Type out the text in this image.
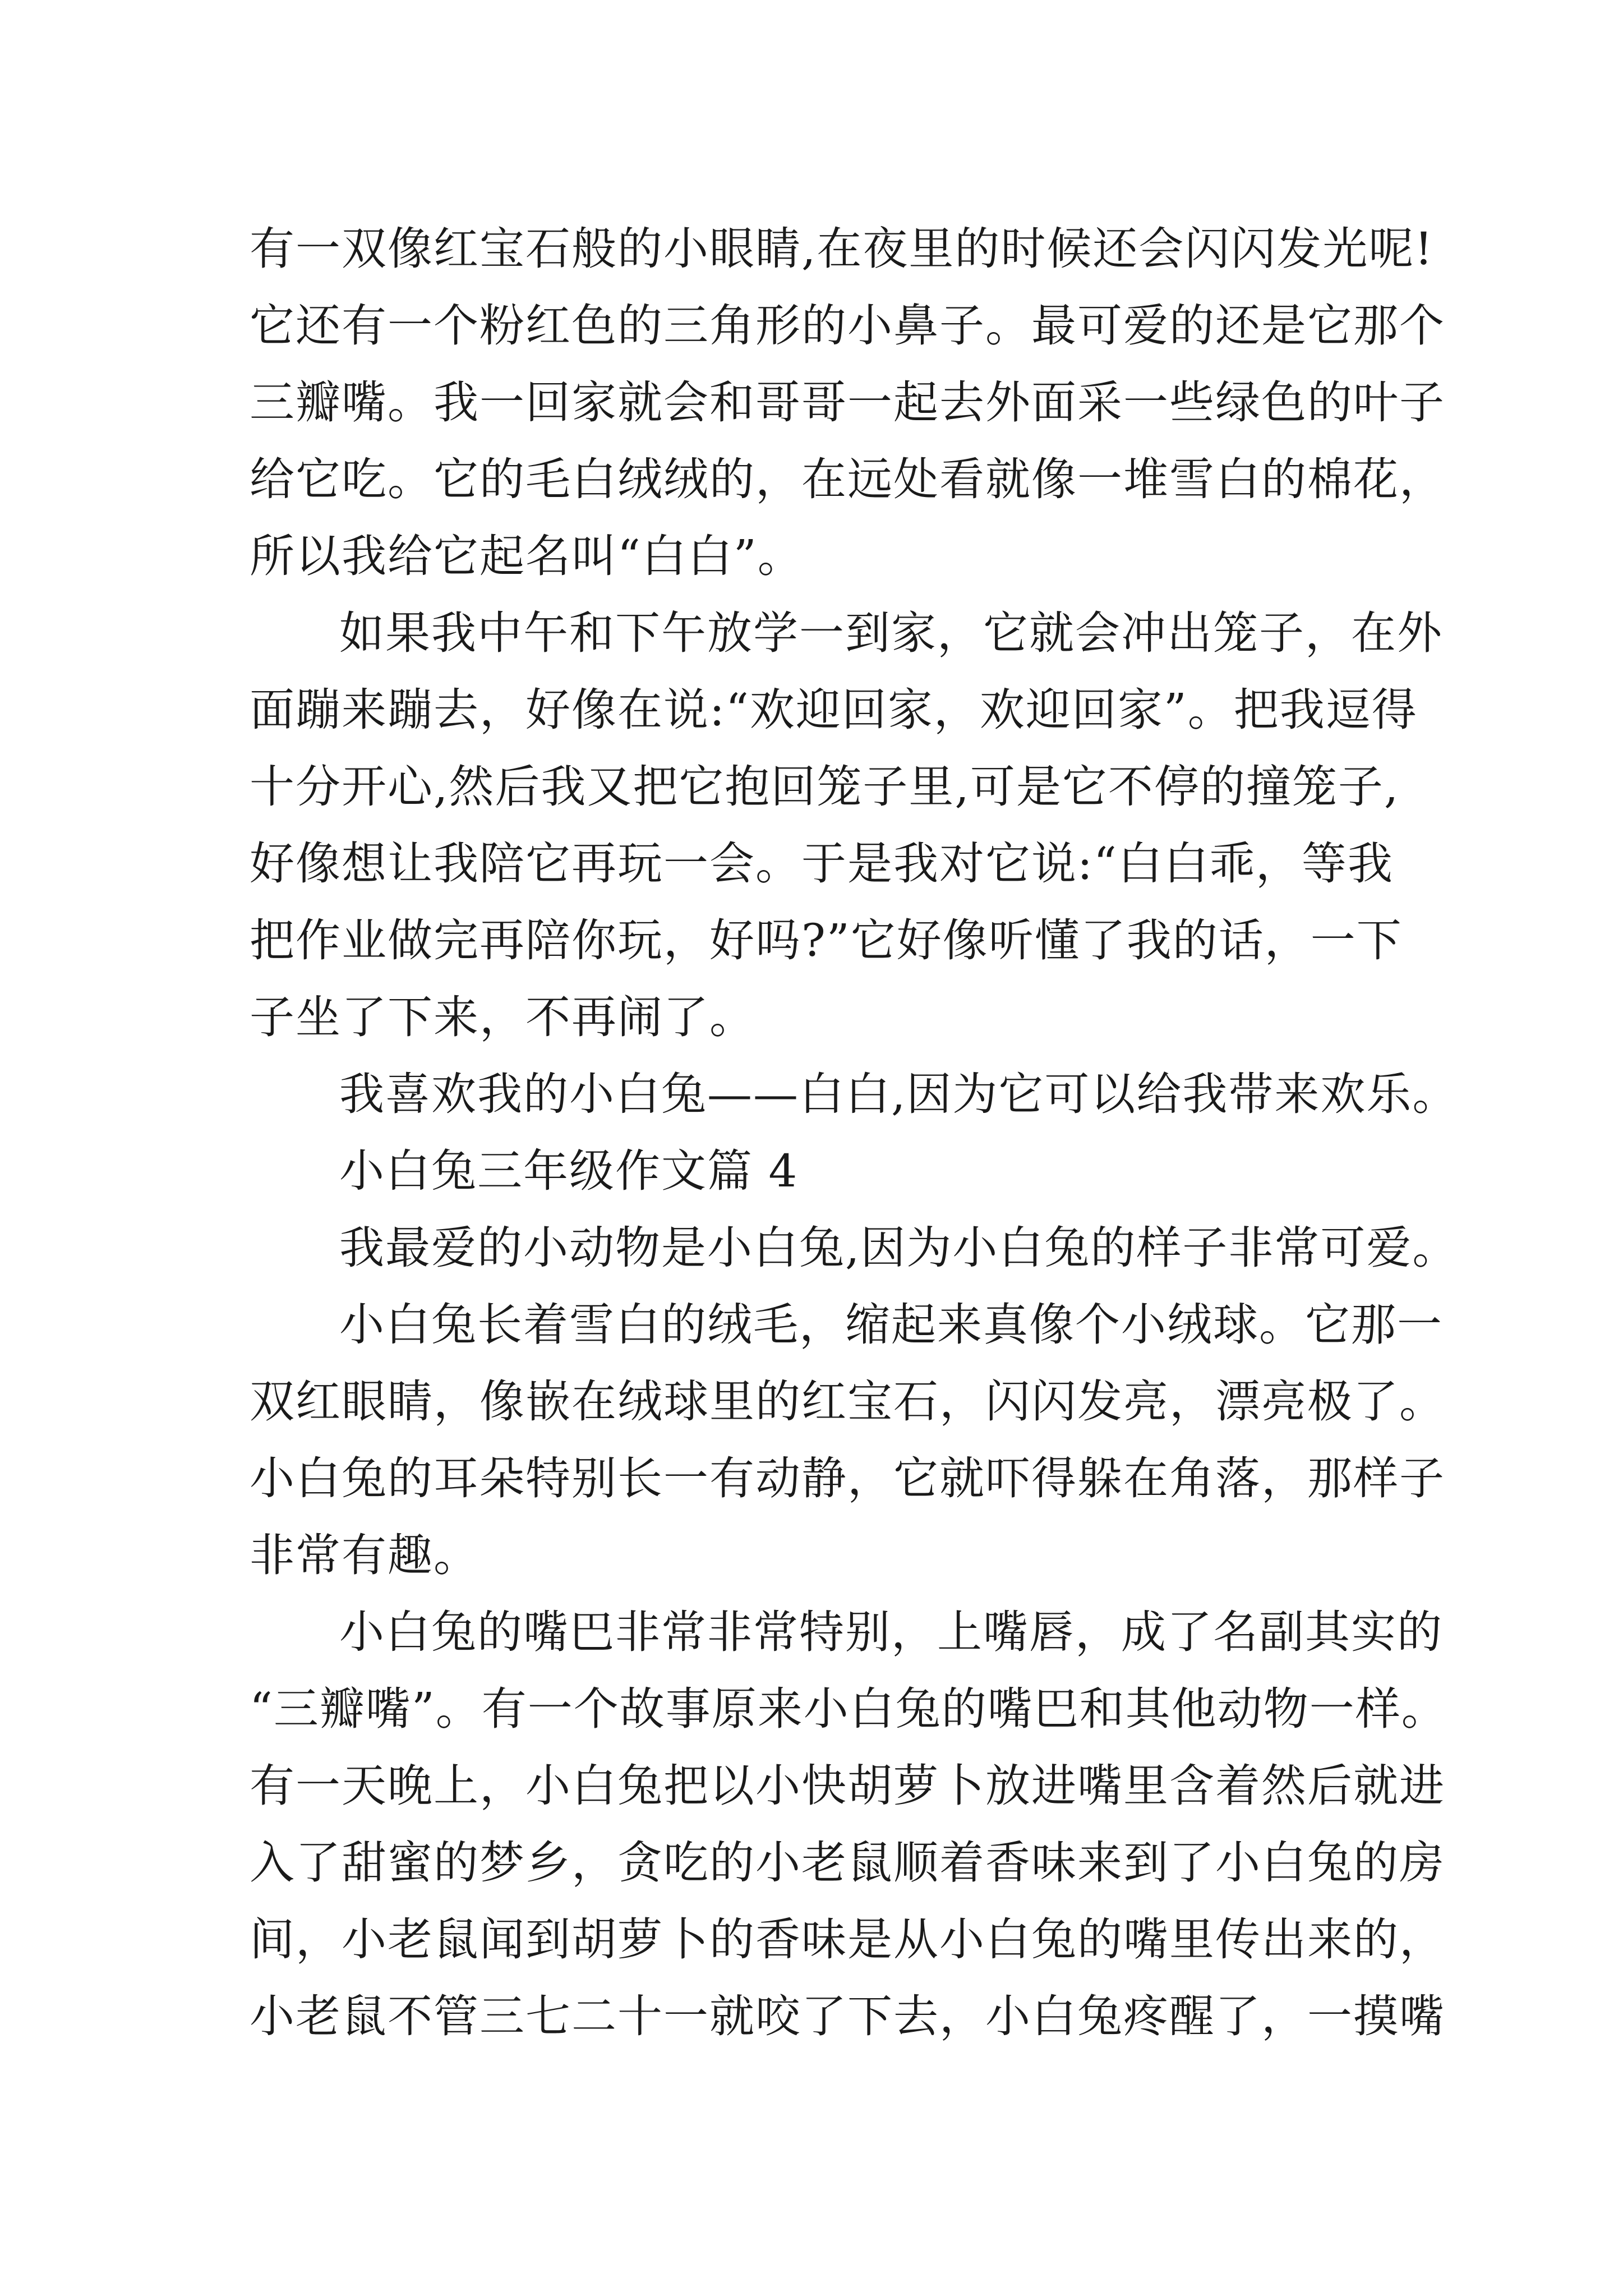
有一双像红宝石般的小眼睛,在夜里的时候还会闪闪发光呢!
它还有一个粉红色的三角形的小鼻子。最可爱的还是它那个
三瓣嘴。我一回家就会和哥哥一起去外面采一些绿色的叶子
给它吃。它的毛白绒绒的，在远处看就像一堆雪白的棉花，
所以我给它起名叫“白白”。
如果我中午和下午放学一到家，它就会冲出笼子，在外
面蹦来蹦去，好像在说:“欢迎回家，欢迎回家”。把我逗得
十分开心,然后我又把它抱回笼子里,可是它不停的撞笼子,
好像想让我陪它再玩一会。于是我对它说:“白白乖，等我
把作业做完再陪你玩，好吗?”它好像听懂了我的话，一下
子坐了下来，不再闹了。
我喜欢我的小白兔——白白,因为它可以给我带来欢乐。
小白兔三年级作文篇 4
我最爱的小动物是小白兔,因为小白兔的样子非常可爱。
小白兔长着雪白的绒毛，缩起来真像个小绒球。它那一
双红眼睛，像嵌在绒球里的红宝石，闪闪发亮，漂亮极了。
小白兔的耳朵特别长一有动静，它就吓得躲在角落，那样子
非常有趣。
小白兔的嘴巴非常非常特别，上嘴唇，成了名副其实的
“三瓣嘴”。有一个故事原来小白兔的嘴巴和其他动物一样。
有一天晚上，小白兔把以小快胡萝卜放进嘴里含着然后就进
入了甜蜜的梦乡，贪吃的小老鼠顺着香味来到了小白兔的房
间，小老鼠闻到胡萝卜的香味是从小白兔的嘴里传出来的，
小老鼠不管三七二十一就咬了下去，小白兔疼醒了，一摸嘴
